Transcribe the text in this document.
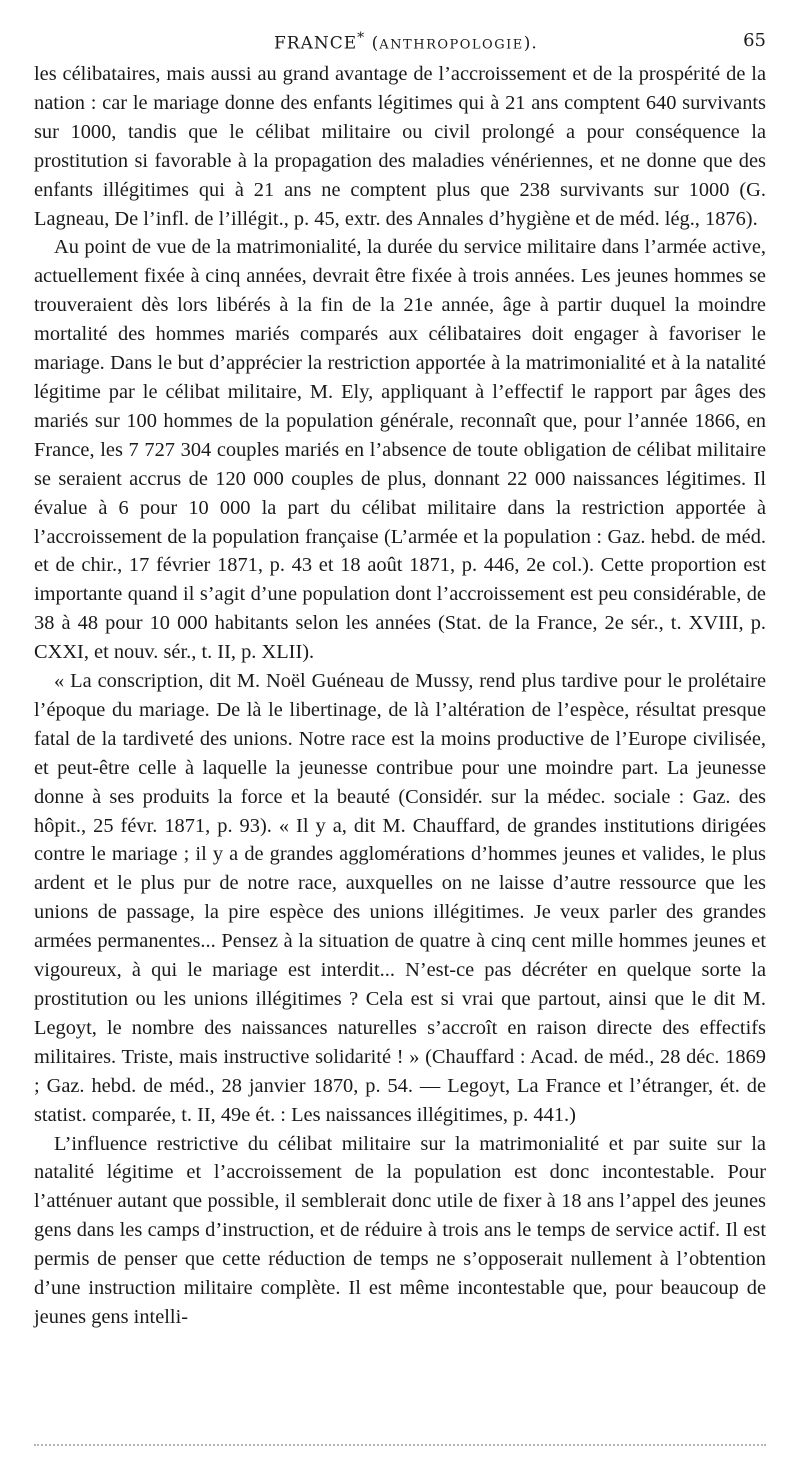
FRANCE* (ANTHROPOLOGIE).	65

les célibataires, mais aussi au grand avantage de l’accroissement et de la prospérité de la nation : car le mariage donne des enfants légitimes qui à 21 ans comptent 640 survivants sur 1000, tandis que le célibat militaire ou civil prolongé a pour conséquence la prostitution si favorable à la propagation des maladies vénériennes, et ne donne que des enfants illégitimes qui à 21 ans ne comptent plus que 238 survivants sur 1000 (G. Lagneau, De l’infl. de l’illégit., p. 45, extr. des Annales d’hygiène et de méd. lég., 1876).

Au point de vue de la matrimonialité, la durée du service militaire dans l’armée active, actuellement fixée à cinq années, devrait être fixée à trois années. Les jeunes hommes se trouveraient dès lors libérés à la fin de la 21e année, âge à partir duquel la moindre mortalité des hommes mariés comparés aux célibataires doit engager à favoriser le mariage. Dans le but d’apprécier la restriction apportée à la matrimonialité et à la natalité légitime par le célibat militaire, M. Ely, appliquant à l’effectif le rapport par âges des mariés sur 100 hommes de la population générale, reconnaît que, pour l’année 1866, en France, les 7 727 304 couples mariés en l’absence de toute obligation de célibat militaire se seraient accrus de 120 000 couples de plus, donnant 22 000 naissances légitimes. Il évalue à 6 pour 10 000 la part du célibat militaire dans la restriction apportée à l’accroissement de la population française (L’armée et la population : Gaz. hebd. de méd. et de chir., 17 février 1871, p. 43 et 18 août 1871, p. 446, 2e col.). Cette proportion est importante quand il s’agit d’une population dont l’accroissement est peu considérable, de 38 à 48 pour 10 000 habitants selon les années (Stat. de la France, 2e sér., t. XVIII, p. CXXI, et nouv. sér., t. II, p. XLII).

« La conscription, dit M. Noël Guéneau de Mussy, rend plus tardive pour le prolétaire l’époque du mariage. De là le libertinage, de là l’altération de l’espèce, résultat presque fatal de la tardiveté des unions. Notre race est la moins productive de l’Europe civilisée, et peut-être celle à laquelle la jeunesse contribue pour une moindre part. La jeunesse donne à ses produits la force et la beauté (Considér. sur la médec. sociale : Gaz. des hôpit., 25 févr. 1871, p. 93). « Il y a, dit M. Chauffard, de grandes institutions dirigées contre le mariage ; il y a de grandes agglomérations d’hommes jeunes et valides, le plus ardent et le plus pur de notre race, auxquelles on ne laisse d’autre ressource que les unions de passage, la pire espèce des unions illégitimes. Je veux parler des grandes armées permanentes... Pensez à la situation de quatre à cinq cent mille hommes jeunes et vigoureux, à qui le mariage est interdit... N’est-ce pas décréter en quelque sorte la prostitution ou les unions illégitimes ? Cela est si vrai que partout, ainsi que le dit M. Legoyt, le nombre des naissances naturelles s’accroît en raison directe des effectifs militaires. Triste, mais instructive solidarité ! » (Chauffard : Acad. de méd., 28 déc. 1869 ; Gaz. hebd. de méd., 28 janvier 1870, p. 54. — Legoyt, La France et l’étranger, ét. de statist. comparée, t. II, 49e ét. : Les naissances illégitimes, p. 441.)

L’influence restrictive du célibat militaire sur la matrimonialité et par suite sur la natalité légitime et l’accroissement de la population est donc incontestable. Pour l’atténuer autant que possible, il semblerait donc utile de fixer à 18 ans l’appel des jeunes gens dans les camps d’instruction, et de réduire à trois ans le temps de service actif. Il est permis de penser que cette réduction de temps ne s’opposerait nullement à l’obtention d’une instruction militaire complète. Il est même incontestable que, pour beaucoup de jeunes gens intelli-
